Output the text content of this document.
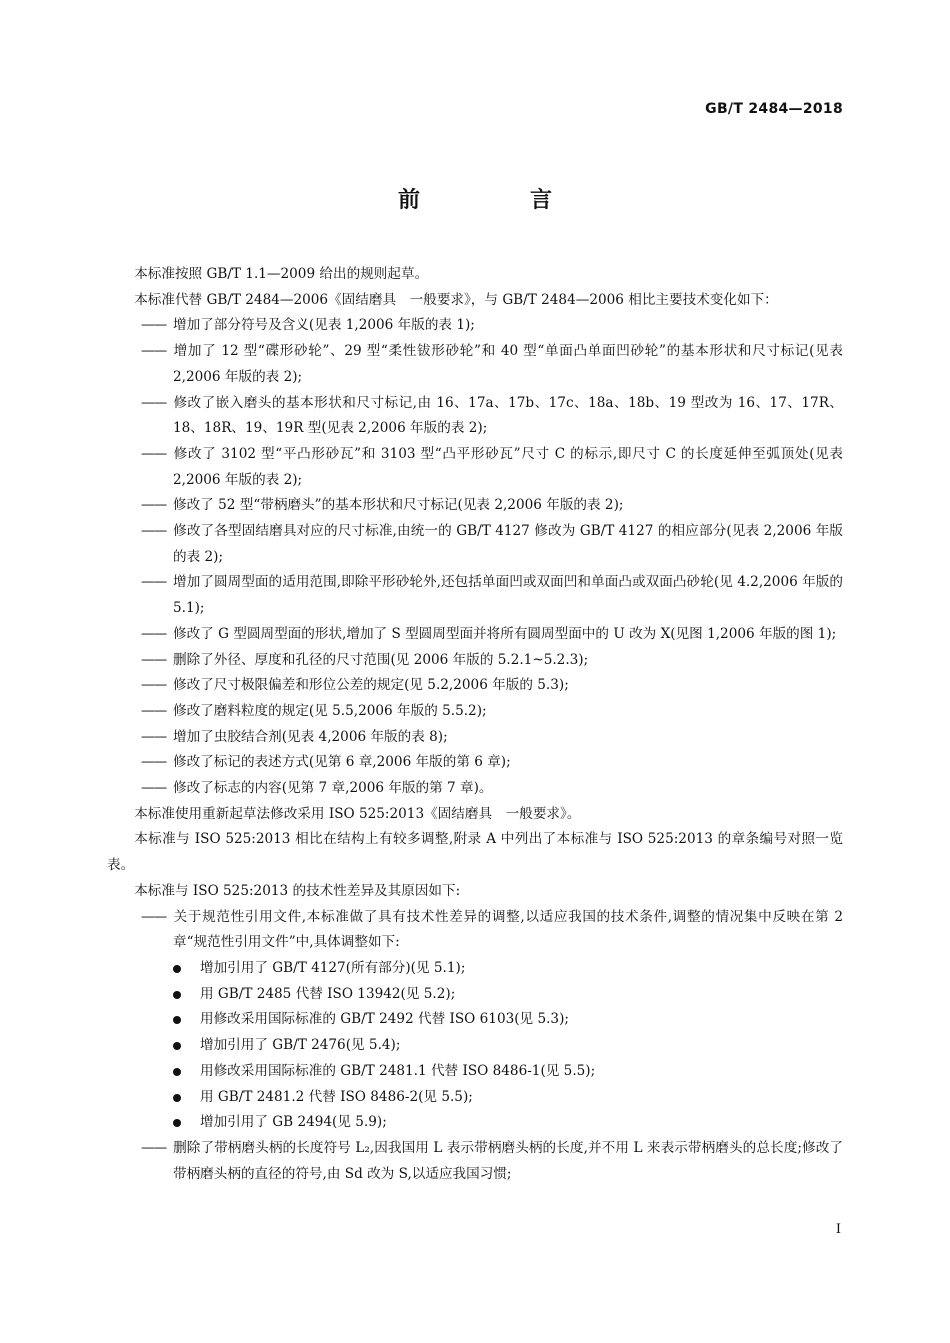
GB/T 2484—2018
前　言

本标准按照 GB/T 1.1—2009 给出的规则起草。

本标准代替 GB/T 2484—2006《固结磨具　一般要求》，与 GB/T 2484—2006 相比主要技术变化如下：

—— 增加了部分符号及含义(见表 1,2006 年版的表 1);

—— 增加了 12 型“碟形砂轮”、29 型“柔性钹形砂轮”和 40 型“单面凸单面凹砂轮”的基本形状和尺寸标记(见表 2,2006 年版的表 2);

—— 修改了嵌入磨头的基本形状和尺寸标记,由 16、17a、17b、17c、18a、18b、19 型改为 16、17、17R、18、18R、19、19R 型(见表 2,2006 年版的表 2);

—— 修改了 3102 型“平凸形砂瓦”和 3103 型“凸平形砂瓦”尺寸 C 的标示,即尺寸 C 的长度延伸至弧顶处(见表 2,2006 年版的表 2);

—— 修改了 52 型“带柄磨头”的基本形状和尺寸标记(见表 2,2006 年版的表 2);

—— 修改了各型固结磨具对应的尺寸标准,由统一的 GB/T 4127 修改为 GB/T 4127 的相应部分(见表 2,2006 年版的表 2);

—— 增加了圆周型面的适用范围,即除平形砂轮外,还包括单面凹或双面凹和单面凸或双面凸砂轮(见 4.2,2006 年版的 5.1);

—— 修改了 G 型圆周型面的形状,增加了 S 型圆周型面并将所有圆周型面中的 U 改为 X(见图 1,2006 年版的图 1);

—— 删除了外径、厚度和孔径的尺寸范围(见 2006 年版的 5.2.1~5.2.3);

—— 修改了尺寸极限偏差和形位公差的规定(见 5.2,2006 年版的 5.3);

—— 修改了磨料粒度的规定(见 5.5,2006 年版的 5.5.2);

—— 增加了虫胶结合剂(见表 4,2006 年版的表 8);

—— 修改了标记的表述方式(见第 6 章,2006 年版的第 6 章);

—— 修改了标志的内容(见第 7 章,2006 年版的第 7 章)。

本标准使用重新起草法修改采用 ISO 525:2013《固结磨具　一般要求》。

本标准与 ISO 525:2013 相比在结构上有较多调整,附录 A 中列出了本标准与 ISO 525:2013 的章条编号对照一览表。

本标准与 ISO 525:2013 的技术性差异及其原因如下:

—— 关于规范性引用文件,本标准做了具有技术性差异的调整,以适应我国的技术条件,调整的情况集中反映在第 2 章“规范性引用文件”中,具体调整如下:

增加引用了 GB/T 4127(所有部分)(见 5.1);

用 GB/T 2485 代替 ISO 13942(见 5.2);

用修改采用国际标准的 GB/T 2492 代替 ISO 6103(见 5.3);

增加引用了 GB/T 2476(见 5.4);

用修改采用国际标准的 GB/T 2481.1 代替 ISO 8486-1(见 5.5);

用 GB/T 2481.2 代替 ISO 8486-2(见 5.5);

增加引用了 GB 2494(见 5.9);

—— 删除了带柄磨头柄的长度符号 L₂,因我国用 L 表示带柄磨头柄的长度,并不用 L 来表示带柄磨头的总长度;修改了带柄磨头柄的直径的符号,由 Sd 改为 S,以适应我国习惯;

I
